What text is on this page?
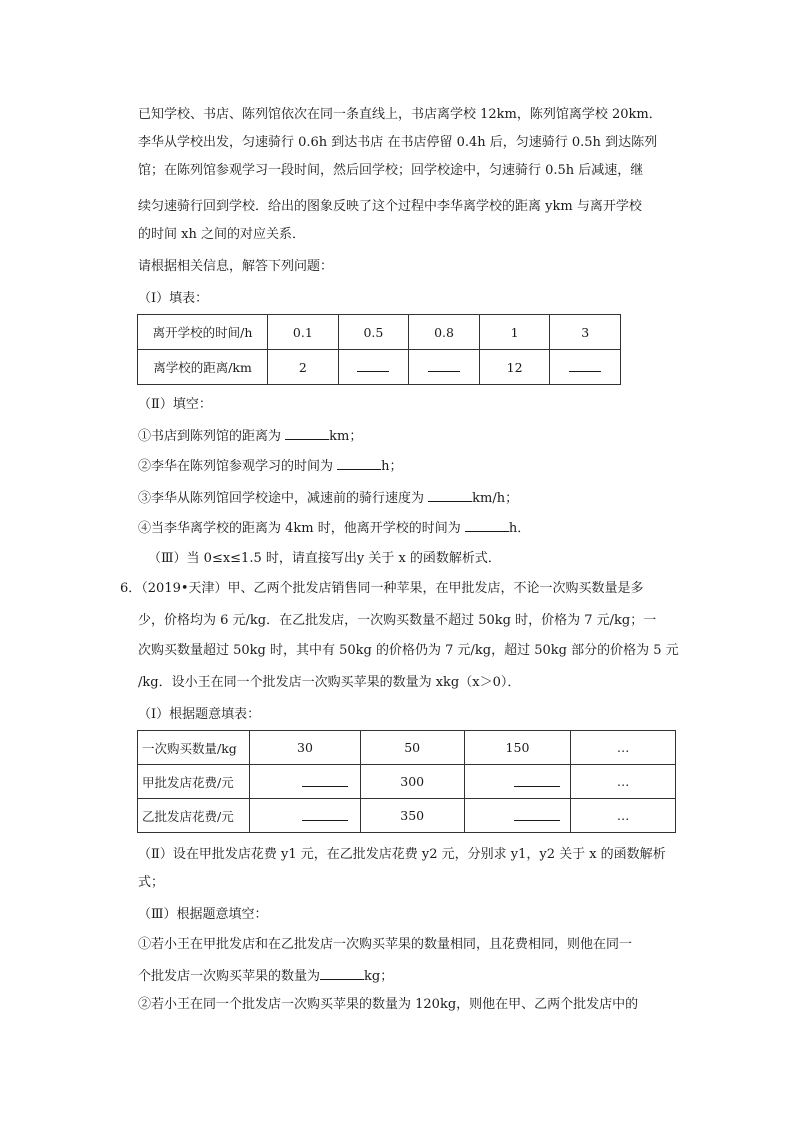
已知学校、书店、陈列馆依次在同一条直线上，书店离学校 12km，陈列馆离学校 20km．
李华从学校出发，匀速骑行 0.6h 到达书店 在书店停留 0.4h 后，匀速骑行 0.5h 到达陈列
馆；在陈列馆参观学习一段时间，然后回学校；回学校途中，匀速骑行 0.5h 后减速，继
续匀速骑行回到学校．给出的图象反映了这个过程中李华离学校的距离 ykm 与离开学校
的时间 xh 之间的对应关系．
请根据相关信息，解答下列问题：
（Ⅰ）填表：
离开学校的时间/h	0.1	0.5	0.8	1	3
离学校的距离/km	2			12	
（Ⅱ）填空：
①书店到陈列馆的距离为	km；
②李华在陈列馆参观学习的时间为	h；
③李华从陈列馆回学校途中，减速前的骑行速度为	km/h；
④当李华离学校的距离为 4km 时，他离开学校的时间为	h．
（Ⅲ）当 0≤x≤1.5 时，请直接写出y 关于 x 的函数解析式．
6．（2019•天津）甲、乙两个批发店销售同一种苹果，在甲批发店，不论一次购买数量是多
少，价格均为 6 元/kg．在乙批发店，一次购买数量不超过 50kg 时，价格为 7 元/kg；一
次购买数量超过 50kg 时，其中有 50kg 的价格仍为 7 元/kg，超过 50kg 部分的价格为 5 元
/kg．设小王在同一个批发店一次购买苹果的数量为 xkg（x＞0）．
（Ⅰ）根据题意填表：
一次购买数量/kg	30	50	150	…
甲批发店花费/元		300		…
乙批发店花费/元		350		…
（Ⅱ）设在甲批发店花费 y1 元，在乙批发店花费 y2 元，分别求 y1，y2 关于 x 的函数解析
式；
（Ⅲ）根据题意填空：
①若小王在甲批发店和在乙批发店一次购买苹果的数量相同，且花费相同，则他在同一
个批发店一次购买苹果的数量为	kg；
②若小王在同一个批发店一次购买苹果的数量为 120kg，则他在甲、乙两个批发店中的
